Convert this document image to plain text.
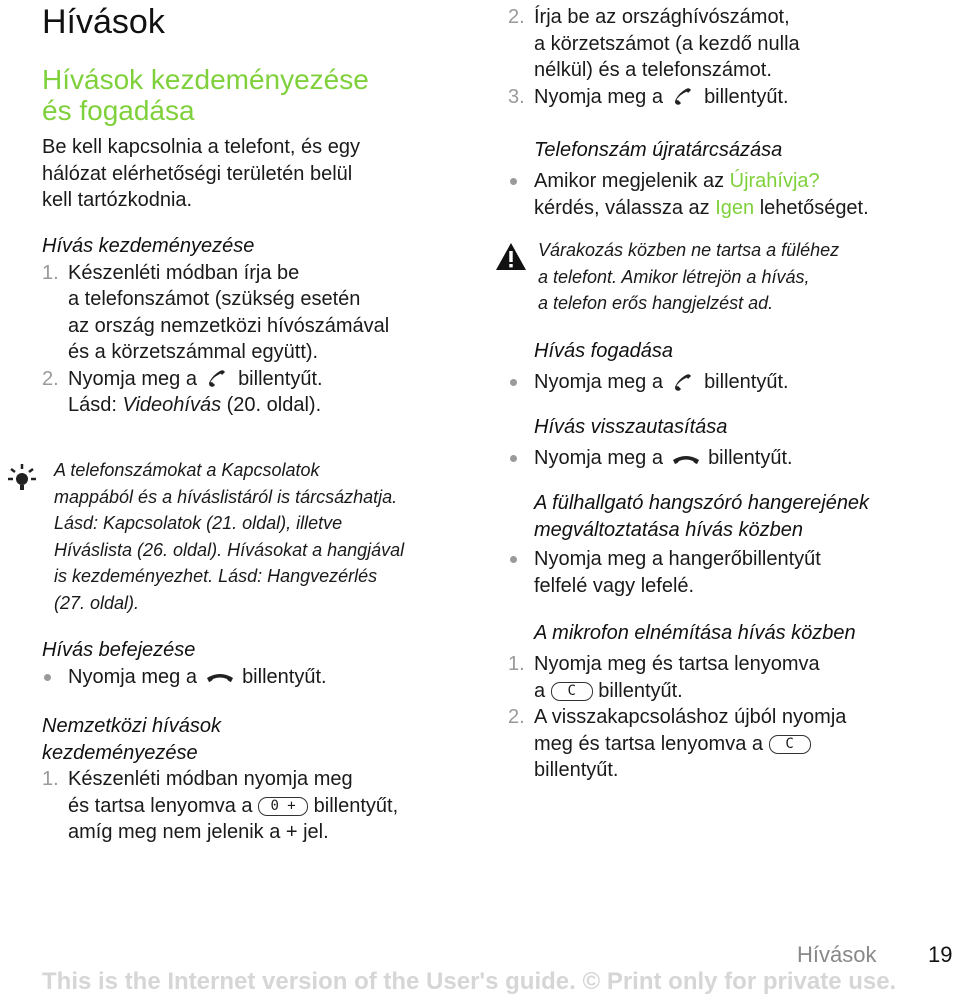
Hívások

Hívások kezdeményezése

és fogadása

Be kell kapcsolnia a telefont, és egy

hálózat elérhetőségi területén belül

kell tartózkodnia.

Hívás kezdeményezése

1. Készenléti módban írja be

a telefonszámot (szükség esetén

az ország nemzetközi hívószámával

és a körzetszámmal együtt).

2. Nyomja meg a billentyűt.

Lásd: Videohívás (20. oldal).

A telefonszámokat a Kapcsolatok

mappából és a híváslistáról is tárcsázhatja.

Lásd: Kapcsolatok (21. oldal), illetve

Híváslista (26. oldal). Hívásokat a hangjával

is kezdeményezhet. Lásd: Hangvezérlés

(27. oldal).

Hívás befejezése

Nyomja meg a billentyűt.

Nemzetközi hívások

kezdeményezése

1. Készenléti módban nyomja meg

és tartsa lenyomva a 0 + billentyűt,

amíg meg nem jelenik a + jel.

2. Írja be az országhívószámot,

a körzetszámot (a kezdő nulla

nélkül) és a telefonszámot.

3. Nyomja meg a billentyűt.

Telefonszám újratárcsázása

Amikor megjelenik az Újrahívja?

kérdés, válassza az Igen lehetőséget.

Várakozás közben ne tartsa a füléhez

a telefont. Amikor létrejön a hívás,

a telefon erős hangjelzést ad.

Hívás fogadása

Nyomja meg a billentyűt.

Hívás visszautasítása

Nyomja meg a billentyűt.

A fülhallgató hangszóró hangerejének

megváltoztatása hívás közben

Nyomja meg a hangerőbillentyűt

felfelé vagy lefelé.

A mikrofon elnémítása hívás közben

1. Nyomja meg és tartsa lenyomva

a C billentyűt.

2. A visszakapcsoláshoz újból nyomja

meg és tartsa lenyomva a C

billentyűt.

Hívások 19
This is the Internet version of the User's guide. © Print only for private use.
